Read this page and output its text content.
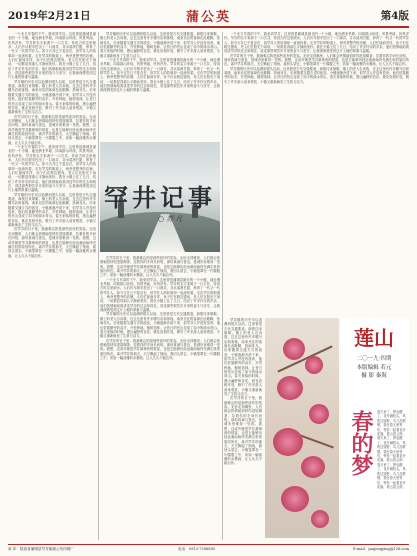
2019年2月21日	蒲公英	第4版

一个北方早春的下午，我来到罕井。这里曾是蒲城县最北的一个小镇，地处渭北旱塬，四周群山环绕，风景秀丽，民风淳朴。罕井的名字来源于一口古井，传说古时这里缺水，人们历尽艰辛挖出了一口深井，井水清冽甘甜，养育了一代又一代的罕井人。如今古井已不复存在，但罕井人的故事却一直流传着。走在罕井的街道上，两旁是整齐的店铺，人们忙碌而安详，孩子们在路边嬉戏，老人们在阳光下闲谈，一切都显得那么平静而美好。我在小镇上住了几日，结识了许多朴实的乡亲，他们热情地给我讲述罕井的过去和现在，讲述那些艰苦岁月里的奋斗与坚守，让我深深感受到这片土地的厚重与温暖。

罕井镇的历史可以追溯到很久以前，这里曾是古代交通要道，商旅往来频繁。镇上的老人告诉我，过去这里有许多骡马店和客栈，南来北往的客商在此歇脚，热闹非凡。后来随着交通方式的改变，小镇逐渐冷清下来，但罕井人并没有放弃，他们依靠勤劳的双手，开荒种地，植树造林，让昔日的荒山变成了如今的绿水青山。春天来临的时候，漫山遍野的杏花、桃花竞相开放，吸引了许多游人前来观赏，小镇又重新焕发了生机与活力。

在罕井的日子里，我最难忘的是那些质朴的笑容。无论走到哪里，人们都会热情地招呼你进屋喝茶，拉着你的手问长问短。那份真诚与善良，是城市里难得一见的。我想，这或许就是罕井最珍贵的财富，也是它能够历经沧桑而始终充满生机的原因所在。离开罕井的那天，天空飘起了细雨，我回头望去，小镇笼罩在一片朦胧之中，宛如一幅淡雅的水墨画，让人久久不能忘怀。

一个北方早春的下午，我来到罕井。这里曾是蒲城县最北的一个小镇，地处渭北旱塬，四周群山环绕，风景秀丽，民风淳朴。罕井的名字来源于一口古井，传说古时这里缺水，人们历尽艰辛挖出了一口深井，井水清冽甘甜，养育了一代又一代的罕井人。如今古井已不复存在，但罕井人的故事却一直流传着。走在罕井的街道上，两旁是整齐的店铺，人们忙碌而安详，孩子们在路边嬉戏，老人们在阳光下闲谈，一切都显得那么平静而美好。我在小镇上住了几日，结识了许多朴实的乡亲，他们热情地给我讲述罕井的过去和现在，讲述那些艰苦岁月里的奋斗与坚守，让我深深感受到这片土地的厚重与温暖。

罕井镇的历史可以追溯到很久以前，这里曾是古代交通要道，商旅往来频繁。镇上的老人告诉我，过去这里有许多骡马店和客栈，南来北往的客商在此歇脚，热闹非凡。后来随着交通方式的改变，小镇逐渐冷清下来，但罕井人并没有放弃，他们依靠勤劳的双手，开荒种地，植树造林，让昔日的荒山变成了如今的绿水青山。春天来临的时候，漫山遍野的杏花、桃花竞相开放，吸引了许多游人前来观赏，小镇又重新焕发了生机与活力。

在罕井的日子里，我最难忘的是那些质朴的笑容。无论走到哪里，人们都会热情地招呼你进屋喝茶，拉着你的手问长问短。那份真诚与善良，是城市里难得一见的。我想，这或许就是罕井最珍贵的财富，也是它能够历经沧桑而始终充满生机的原因所在。离开罕井的那天，天空飘起了细雨，我回头望去，小镇笼罩在一片朦胧之中，宛如一幅淡雅的水墨画，让人久久不能忘怀。

罕井镇的历史可以追溯到很久以前，这里曾是古代交通要道，商旅往来频繁。镇上的老人告诉我，过去这里有许多骡马店和客栈，南来北往的客商在此歇脚，热闹非凡。后来随着交通方式的改变，小镇逐渐冷清下来，但罕井人并没有放弃，他们依靠勤劳的双手，开荒种地，植树造林，让昔日的荒山变成了如今的绿水青山。春天来临的时候，漫山遍野的杏花、桃花竞相开放，吸引了许多游人前来观赏，小镇又重新焕发了生机与活力。

一个北方早春的下午，我来到罕井。这里曾是蒲城县最北的一个小镇，地处渭北旱塬，四周群山环绕，风景秀丽，民风淳朴。罕井的名字来源于一口古井，传说古时这里缺水，人们历尽艰辛挖出了一口深井，井水清冽甘甜，养育了一代又一代的罕井人。如今古井已不复存在，但罕井人的故事却一直流传着。走在罕井的街道上，两旁是整齐的店铺，人们忙碌而安详，孩子们在路边嬉戏，老人们在阳光下闲谈，一切都显得那么平静而美好。我在小镇上住了几日，结识了许多朴实的乡亲，他们热情地给我讲述罕井的过去和现在，讲述那些艰苦岁月里的奋斗与坚守，让我深深感受到这片土地的厚重与温暖。

罕井记事
○ 苏 凡

在罕井的日子里，我最难忘的是那些质朴的笑容。无论走到哪里，人们都会热情地招呼你进屋喝茶，拉着你的手问长问短。那份真诚与善良，是城市里难得一见的。我想，这或许就是罕井最珍贵的财富，也是它能够历经沧桑而始终充满生机的原因所在。离开罕井的那天，天空飘起了细雨，我回头望去，小镇笼罩在一片朦胧之中，宛如一幅淡雅的水墨画，让人久久不能忘怀。

一个北方早春的下午，我来到罕井。这里曾是蒲城县最北的一个小镇，地处渭北旱塬，四周群山环绕，风景秀丽，民风淳朴。罕井的名字来源于一口古井，传说古时这里缺水，人们历尽艰辛挖出了一口深井，井水清冽甘甜，养育了一代又一代的罕井人。如今古井已不复存在，但罕井人的故事却一直流传着。走在罕井的街道上，两旁是整齐的店铺，人们忙碌而安详，孩子们在路边嬉戏，老人们在阳光下闲谈，一切都显得那么平静而美好。我在小镇上住了几日，结识了许多朴实的乡亲，他们热情地给我讲述罕井的过去和现在，讲述那些艰苦岁月里的奋斗与坚守，让我深深感受到这片土地的厚重与温暖。

罕井镇的历史可以追溯到很久以前，这里曾是古代交通要道，商旅往来频繁。镇上的老人告诉我，过去这里有许多骡马店和客栈，南来北往的客商在此歇脚，热闹非凡。后来随着交通方式的改变，小镇逐渐冷清下来，但罕井人并没有放弃，他们依靠勤劳的双手，开荒种地，植树造林，让昔日的荒山变成了如今的绿水青山。春天来临的时候，漫山遍野的杏花、桃花竞相开放，吸引了许多游人前来观赏，小镇又重新焕发了生机与活力。

在罕井的日子里，我最难忘的是那些质朴的笑容。无论走到哪里，人们都会热情地招呼你进屋喝茶，拉着你的手问长问短。那份真诚与善良，是城市里难得一见的。我想，这或许就是罕井最珍贵的财富，也是它能够历经沧桑而始终充满生机的原因所在。离开罕井的那天，天空飘起了细雨，我回头望去，小镇笼罩在一片朦胧之中，宛如一幅淡雅的水墨画，让人久久不能忘怀。

一个北方早春的下午，我来到罕井。这里曾是蒲城县最北的一个小镇，地处渭北旱塬，四周群山环绕，风景秀丽，民风淳朴。罕井的名字来源于一口古井，传说古时这里缺水，人们历尽艰辛挖出了一口深井，井水清冽甘甜，养育了一代又一代的罕井人。如今古井已不复存在，但罕井人的故事却一直流传着。走在罕井的街道上，两旁是整齐的店铺，人们忙碌而安详，孩子们在路边嬉戏，老人们在阳光下闲谈，一切都显得那么平静而美好。我在小镇上住了几日，结识了许多朴实的乡亲，他们热情地给我讲述罕井的过去和现在，讲述那些艰苦岁月里的奋斗与坚守，让我深深感受到这片土地的厚重与温暖。

在罕井的日子里，我最难忘的是那些质朴的笑容。无论走到哪里，人们都会热情地招呼你进屋喝茶，拉着你的手问长问短。那份真诚与善良，是城市里难得一见的。我想，这或许就是罕井最珍贵的财富，也是它能够历经沧桑而始终充满生机的原因所在。离开罕井的那天，天空飘起了细雨，我回头望去，小镇笼罩在一片朦胧之中，宛如一幅淡雅的水墨画，让人久久不能忘怀。

罕井镇的历史可以追溯到很久以前，这里曾是古代交通要道，商旅往来频繁。镇上的老人告诉我，过去这里有许多骡马店和客栈，南来北往的客商在此歇脚，热闹非凡。后来随着交通方式的改变，小镇逐渐冷清下来，但罕井人并没有放弃，他们依靠勤劳的双手，开荒种地，植树造林，让昔日的荒山变成了如今的绿水青山。春天来临的时候，漫山遍野的杏花、桃花竞相开放，吸引了许多游人前来观赏，小镇又重新焕发了生机与活力。

罕井镇的历史可以追溯到很久以前，这里曾是古代交通要道，商旅往来频繁。镇上的老人告诉我，过去这里有许多骡马店和客栈，南来北往的客商在此歇脚，热闹非凡。后来随着交通方式的改变，小镇逐渐冷清下来，但罕井人并没有放弃，他们依靠勤劳的双手，开荒种地，植树造林，让昔日的荒山变成了如今的绿水青山。春天来临的时候，漫山遍野的杏花、桃花竞相开放，吸引了许多游人前来观赏，小镇又重新焕发了生机与活力。

在罕井的日子里，我最难忘的是那些质朴的笑容。无论走到哪里，人们都会热情地招呼你进屋喝茶，拉着你的手问长问短。那份真诚与善良，是城市里难得一见的。我想，这或许就是罕井最珍贵的财富，也是它能够历经沧桑而始终充满生机的原因所在。离开罕井的那天，天空飘起了细雨，我回头望去，小镇笼罩在一片朦胧之中，宛如一幅淡雅的水墨画，让人久久不能忘怀。

莲山
二〇一九·四期
本版编辑 若元
摄 影 秦海
春的梦 春天来了，梦也醒了，花开满枝头，风吹过原野，鸟儿在歌唱，我在春天里等你，等你一起看花开花落，看云卷云舒。
春天来了，梦也醒了，花开满枝头，风吹过原野，鸟儿在歌唱，我在春天里等你，等你一起看花开花落，看云卷云舒。
春天来了，梦也醒了，花开满枝头，风吹过原野，鸟儿在歌唱，我在春天里等你，等你一起看花开花落，看云卷云舒。
承 印：陕西省蒲城县罕井镇蒲公英印刷厂	电话：0913-7288885	E-mail：pugongying@126.com
